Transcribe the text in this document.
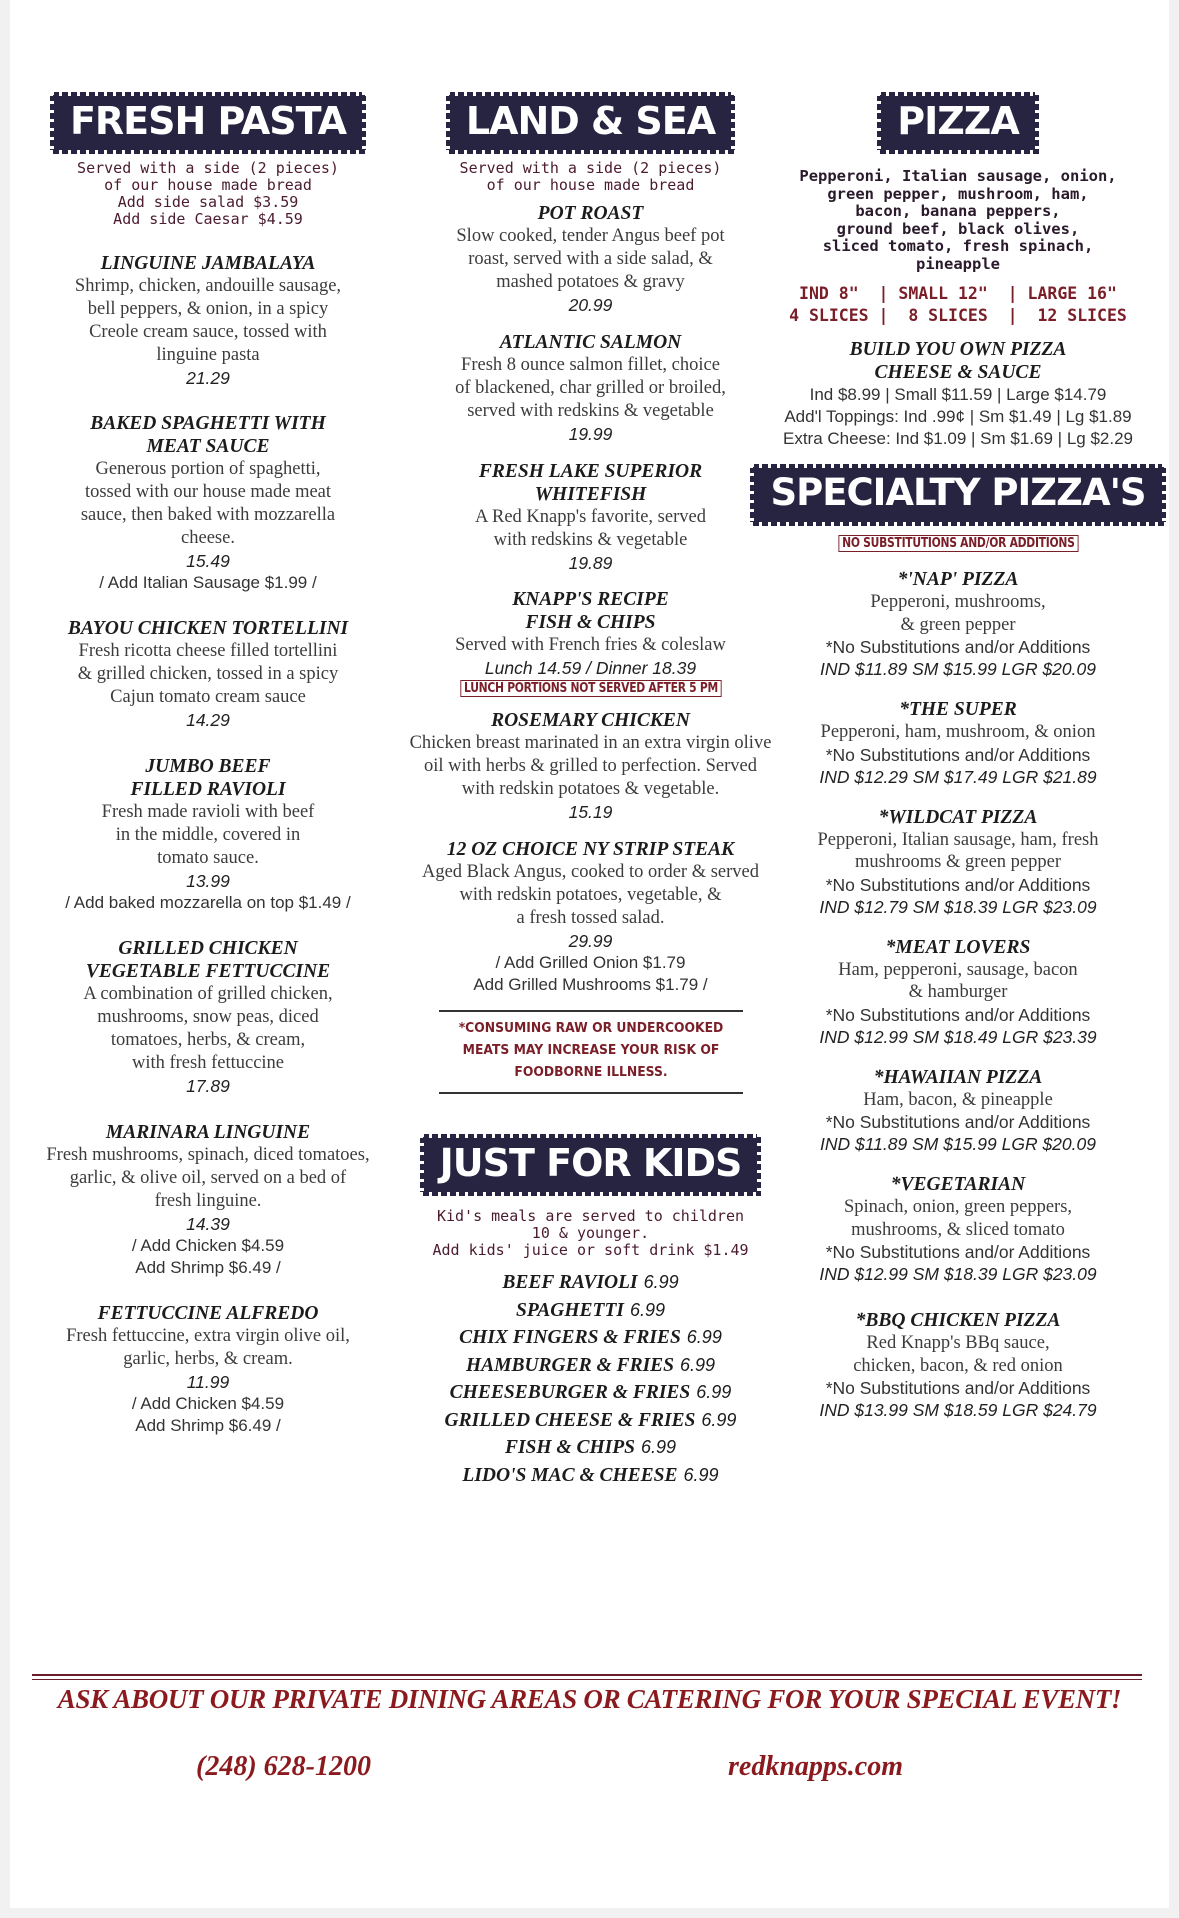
FRESH PASTA
Served with a side (2 pieces)
of our house made bread
Add side salad $3.59
Add side Caesar $4.59
LINGUINE JAMBALAYA
Shrimp, chicken, andouille sausage,
bell peppers, & onion, in a spicy
Creole cream sauce, tossed with
linguine pasta
21.29
BAKED SPAGHETTI WITH
MEAT SAUCE
Generous portion of spaghetti,
tossed with our house made meat
sauce, then baked with mozzarella
cheese.
15.49
/ Add Italian Sausage $1.99 /
BAYOU CHICKEN TORTELLINI
Fresh ricotta cheese filled tortellini
& grilled chicken, tossed in a spicy
Cajun tomato cream sauce
14.29
JUMBO BEEF
FILLED RAVIOLI
Fresh made ravioli with beef
in the middle, covered in
tomato sauce.
13.99
/ Add baked mozzarella on top $1.49 /
GRILLED CHICKEN
VEGETABLE FETTUCCINE
A combination of grilled chicken,
mushrooms, snow peas, diced
tomatoes, herbs, & cream,
with fresh fettuccine
17.89
MARINARA LINGUINE
Fresh mushrooms, spinach, diced tomatoes,
garlic, & olive oil, served on a bed of
fresh linguine.
14.39
/ Add Chicken $4.59
Add Shrimp $6.49 /
FETTUCCINE ALFREDO
Fresh fettuccine, extra virgin olive oil,
garlic, herbs, & cream.
11.99
/ Add Chicken $4.59
Add Shrimp $6.49 /
LAND & SEA
Served with a side (2 pieces)
of our house made bread
POT ROAST
Slow cooked, tender Angus beef pot
roast, served with a side salad, &
mashed potatoes & gravy
20.99
ATLANTIC SALMON
Fresh 8 ounce salmon fillet, choice
of blackened, char grilled or broiled,
served with redskins & vegetable
19.99
FRESH LAKE SUPERIOR
WHITEFISH
A Red Knapp's favorite, served
with redskins & vegetable
19.89
KNAPP'S RECIPE
FISH & CHIPS
Served with French fries & coleslaw
Lunch 14.59 / Dinner 18.39
LUNCH PORTIONS NOT SERVED AFTER 5 PM
ROSEMARY CHICKEN
Chicken breast marinated in an extra virgin olive
oil with herbs & grilled to perfection. Served
with redskin potatoes & vegetable.
15.19
12 OZ CHOICE NY STRIP STEAK
Aged Black Angus, cooked to order & served
with redskin potatoes, vegetable, &
a fresh tossed salad.
29.99
/ Add Grilled Onion $1.79
Add Grilled Mushrooms $1.79 /
*CONSUMING RAW OR UNDERCOOKED
MEATS MAY INCREASE YOUR RISK OF
FOODBORNE ILLNESS.
JUST FOR KIDS
Kid's meals are served to children
10 & younger.
Add kids' juice or soft drink $1.49
BEEF RAVIOLI 6.99
SPAGHETTI 6.99
CHIX FINGERS & FRIES 6.99
HAMBURGER & FRIES 6.99
CHEESEBURGER & FRIES 6.99
GRILLED CHEESE & FRIES 6.99
FISH & CHIPS 6.99
LIDO'S MAC & CHEESE 6.99
PIZZA
Pepperoni, Italian sausage, onion,
green pepper, mushroom, ham,
bacon, banana peppers,
ground beef, black olives,
sliced tomato, fresh spinach,
pineapple
IND 8"  | SMALL 12"  | LARGE 16"
4 SLICES |  8 SLICES  |  12 SLICES
BUILD YOU OWN PIZZA
CHEESE & SAUCE
Ind $8.99 | Small $11.59 | Large $14.79
Add'l Toppings: Ind .99¢ | Sm $1.49 | Lg $1.89
Extra Cheese: Ind $1.09 | Sm $1.69 | Lg $2.29
SPECIALTY PIZZA'S
NO SUBSTITUTIONS AND/OR ADDITIONS
*'NAP' PIZZA
Pepperoni, mushrooms,
& green pepper
*No Substitutions and/or Additions
IND $11.89 SM $15.99 LGR $20.09
*THE SUPER
Pepperoni, ham, mushroom, & onion
*No Substitutions and/or Additions
IND $12.29 SM $17.49 LGR $21.89
*WILDCAT PIZZA
Pepperoni, Italian sausage, ham, fresh
mushrooms & green pepper
*No Substitutions and/or Additions
IND $12.79 SM $18.39 LGR $23.09
*MEAT LOVERS
Ham, pepperoni, sausage, bacon
& hamburger
*No Substitutions and/or Additions
IND $12.99 SM $18.49 LGR $23.39
*HAWAIIAN PIZZA
Ham, bacon, & pineapple
*No Substitutions and/or Additions
IND $11.89 SM $15.99 LGR $20.09
*VEGETARIAN
Spinach, onion, green peppers,
mushrooms, & sliced tomato
*No Substitutions and/or Additions
IND $12.99 SM $18.39 LGR $23.09
*BBQ CHICKEN PIZZA
Red Knapp's BBq sauce,
chicken, bacon, & red onion
*No Substitutions and/or Additions
IND $13.99 SM $18.59 LGR $24.79
ASK ABOUT OUR PRIVATE DINING AREAS OR CATERING FOR YOUR SPECIAL EVENT!
(248) 628-1200	redknapps.com
